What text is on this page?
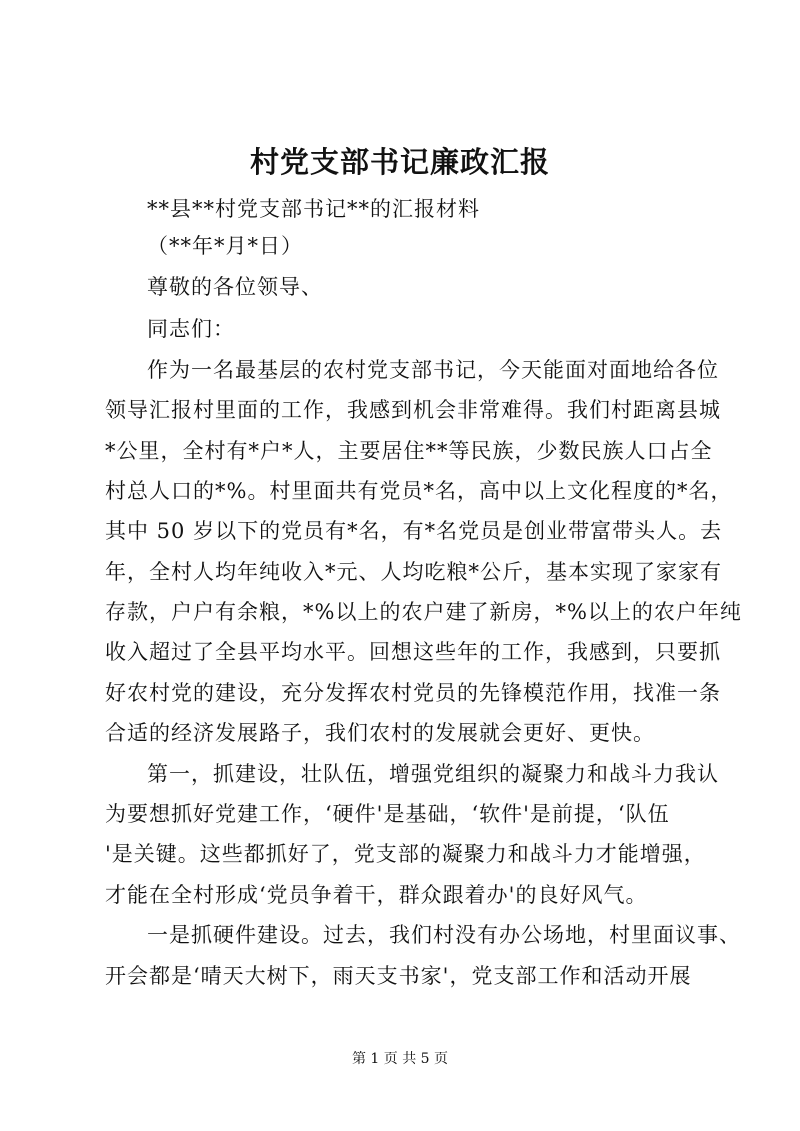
村党支部书记廉政汇报
**县**村党支部书记**的汇报材料
（**年*月*日）
尊敬的各位领导、
同志们：
作为一名最基层的农村党支部书记，今天能面对面地给各位
领导汇报村里面的工作，我感到机会非常难得。我们村距离县城
*公里，全村有*户*人，主要居住**等民族，少数民族人口占全
村总人口的*%。村里面共有党员*名，高中以上文化程度的*名，
其中 50 岁以下的党员有*名，有*名党员是创业带富带头人。去
年，全村人均年纯收入*元、人均吃粮*公斤，基本实现了家家有
存款，户户有余粮，*%以上的农户建了新房，*%以上的农户年纯
收入超过了全县平均水平。回想这些年的工作，我感到，只要抓
好农村党的建设，充分发挥农村党员的先锋模范作用，找准一条
合适的经济发展路子，我们农村的发展就会更好、更快。
第一，抓建设，壮队伍，增强党组织的凝聚力和战斗力我认
为要想抓好党建工作，‘硬件'是基础，‘软件'是前提，‘队伍
'是关键。这些都抓好了，党支部的凝聚力和战斗力才能增强，
才能在全村形成‘党员争着干，群众跟着办'的良好风气。
一是抓硬件建设。过去，我们村没有办公场地，村里面议事、
开会都是‘晴天大树下，雨天支书家'，党支部工作和活动开展
第 1 页 共 5 页
